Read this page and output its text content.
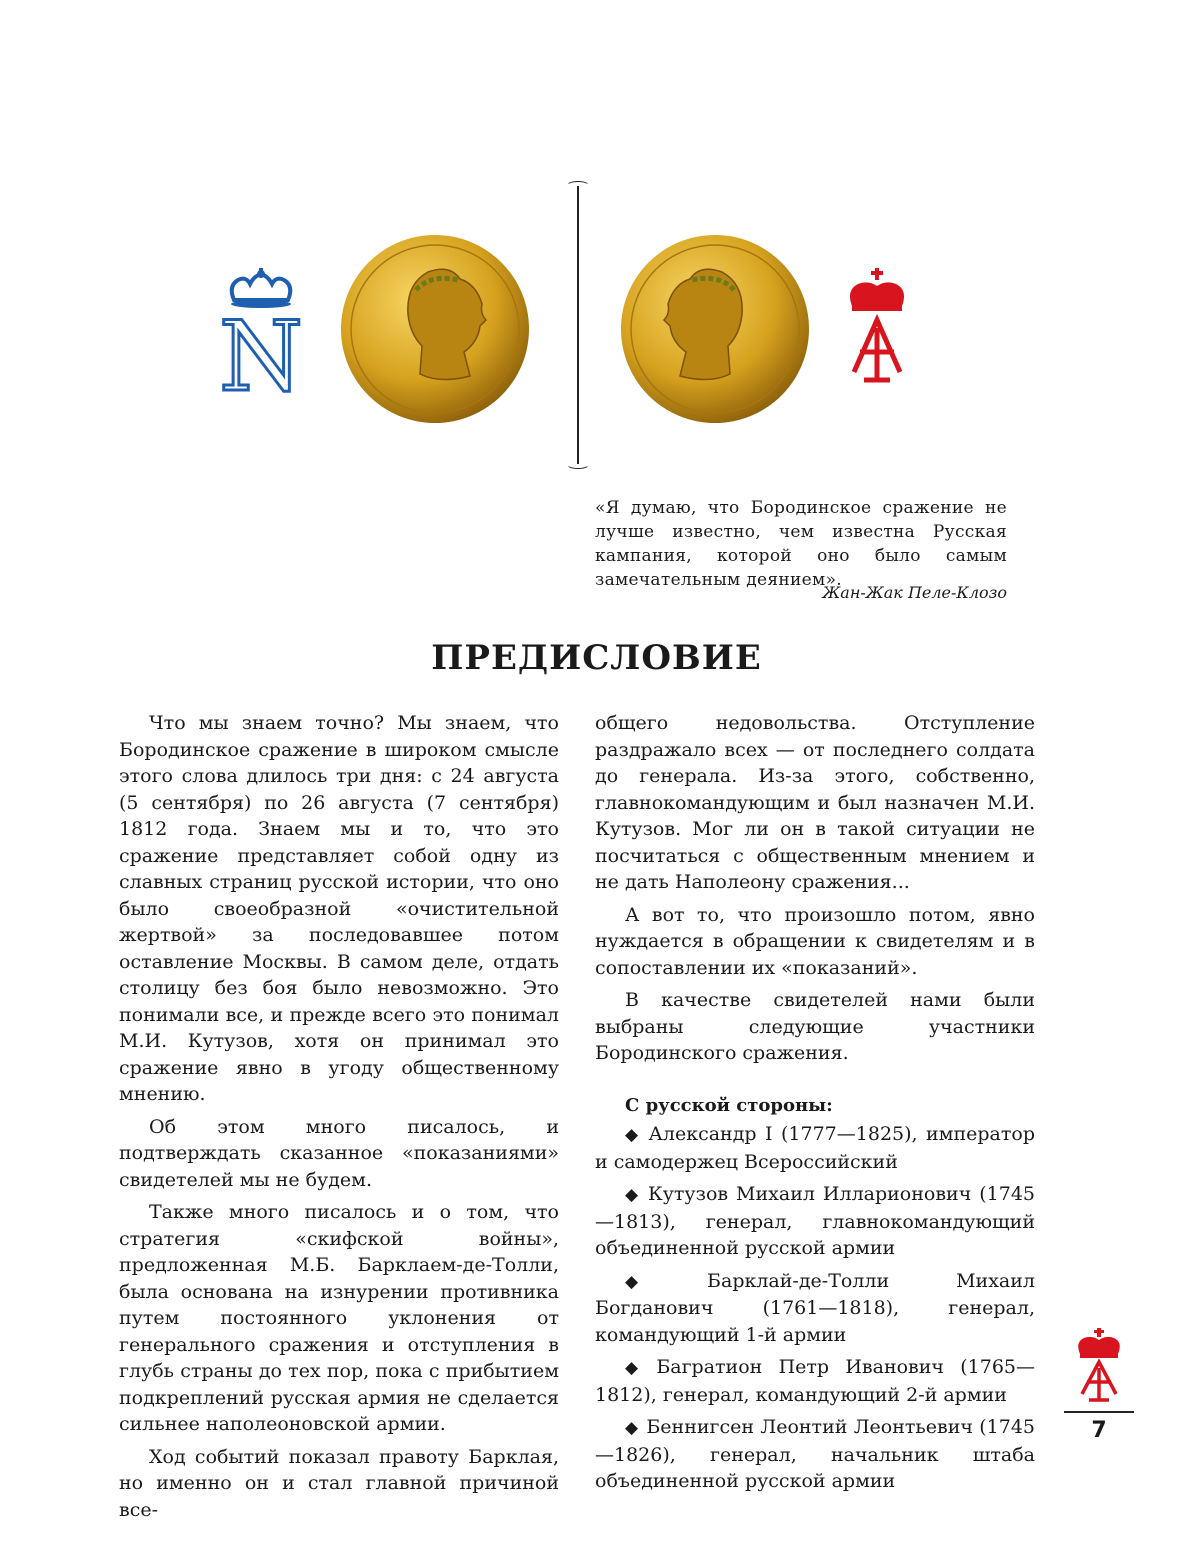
N
«Я думаю, что Бородинское сражение не лучше известно, чем известна Русская кампания, которой оно было самым замечательным деянием».
Жан-Жак Пеле-Клозо
ПРЕДИСЛОВИЕ

Что мы знаем точно? Мы знаем, что Бородинское сражение в широком смысле этого слова длилось три дня: с 24 августа (5 сентября) по 26 августа (7 сентября) 1812 года. Знаем мы и то, что это сражение представляет собой одну из славных страниц русской истории, что оно было своеобразной «очистительной жертвой» за последовавшее потом оставление Москвы. В самом деле, отдать столицу без боя было невозможно. Это понимали все, и прежде всего это понимал М.И. Кутузов, хотя он принимал это сражение явно в угоду общественному мнению.

Об этом много писалось, и подтверждать сказанное «показаниями» свидетелей мы не будем.

Также много писалось и о том, что стратегия «скифской войны», предложенная М.Б. Барклаем-де-Толли, была основана на изнурении противника путем постоянного уклонения от генерального сражения и отступления в глубь страны до тех пор, пока с прибытием подкреплений русская армия не сделается сильнее наполеоновской армии.

Ход событий показал правоту Барклая, но именно он и стал главной причиной все-

общего недовольства. Отступление раздражало всех — от последнего солдата до генерала. Из-за этого, собственно, главнокомандующим и был назначен М.И. Кутузов. Мог ли он в такой ситуации не посчитаться с общественным мнением и не дать Наполеону сражения...

А вот то, что произошло потом, явно нуждается в обращении к свидетелям и в сопоставлении их «показаний».

В качестве свидетелей нами были выбраны следующие участники Бородинского сражения.

С русской стороны:
◆ Александр I (1777—1825), император и самодержец Всероссийский
◆ Кутузов Михаил Илларионович (1745—1813), генерал, главнокомандующий объединенной русской армии
◆ Барклай-де-Толли Михаил Богданович (1761—1818), генерал, командующий 1-й армии
◆ Багратион Петр Иванович (1765—1812), генерал, командующий 2-й армии
◆ Беннигсен Леонтий Леонтьевич (1745—1826), генерал, начальник штаба объединенной русской армии
7
